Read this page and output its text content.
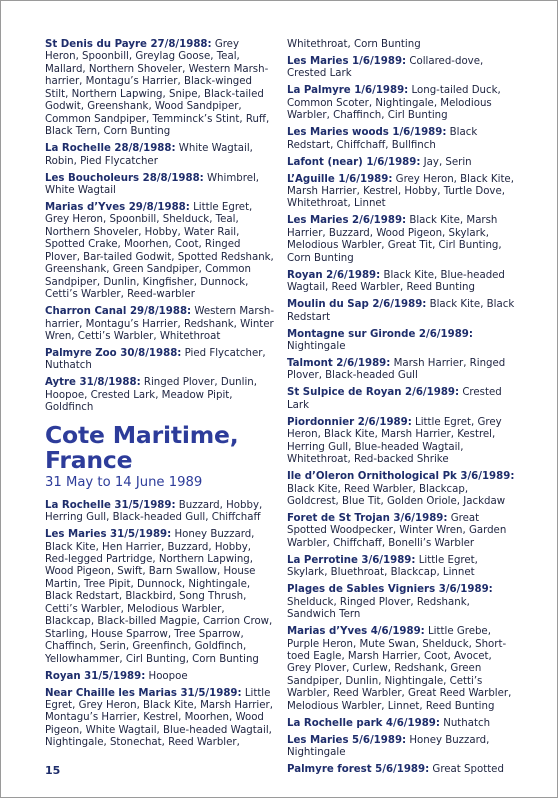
St Denis du Payre 27/8/1988: Grey Heron, Spoonbill, Greylag Goose, Teal, Mallard, Northern Shoveler, Western Marsh-harrier, Montagu’s Harrier, Black-winged Stilt, Northern Lapwing, Snipe, Black-tailed Godwit, Greenshank, Wood Sandpiper, Common Sandpiper, Temminck’s Stint, Ruff, Black Tern, Corn Bunting

La Rochelle 28/8/1988: White Wagtail, Robin, Pied Flycatcher

Les Boucholeurs 28/8/1988: Whimbrel, White Wagtail

Marias d’Yves 29/8/1988: Little Egret, Grey Heron, Spoonbill, Shelduck, Teal, Northern Shoveler, Hobby, Water Rail, Spotted Crake, Moorhen, Coot, Ringed Plover, Bar-tailed Godwit, Spotted Redshank, Greenshank, Green Sandpiper, Common Sandpiper, Dunlin, Kingfisher, Dunnock, Cetti’s Warbler, Reed-warbler

Charron Canal 29/8/1988: Western Marsh-harrier, Montagu’s Harrier, Redshank, Winter Wren, Cetti’s Warbler, Whitethroat

Palmyre Zoo 30/8/1988: Pied Flycatcher, Nuthatch

Aytre 31/8/1988: Ringed Plover, Dunlin, Hoopoe, Crested Lark, Meadow Pipit, Goldfinch

Cote Maritime,
France
31 May to 14 June 1989

La Rochelle 31/5/1989: Buzzard, Hobby, Herring Gull, Black-headed Gull, Chiffchaff

Les Maries 31/5/1989: Honey Buzzard, Black Kite, Hen Harrier, Buzzard, Hobby, Red-legged Partridge, Northern Lapwing, Wood Pigeon, Swift, Barn Swallow, House Martin, Tree Pipit, Dunnock, Nightingale, Black Redstart, Blackbird, Song Thrush, Cetti’s Warbler, Melodious Warbler, Blackcap, Black-billed Magpie, Carrion Crow, Starling, House Sparrow, Tree Sparrow, Chaffinch, Serin, Greenfinch, Goldfinch, Yellowhammer, Cirl Bunting, Corn Bunting

Royan 31/5/1989: Hoopoe

Near Chaille les Marias 31/5/1989: Little Egret, Grey Heron, Black Kite, Marsh Harrier, Montagu’s Harrier, Kestrel, Moorhen, Wood Pigeon, White Wagtail, Blue-headed Wagtail, Nightingale, Stonechat, Reed Warbler,

Whitethroat, Corn Bunting

Les Maries 1/6/1989: Collared-dove, Crested Lark

La Palmyre 1/6/1989: Long-tailed Duck, Common Scoter, Nightingale, Melodious Warbler, Chaffinch, Cirl Bunting

Les Maries woods 1/6/1989: Black Redstart, Chiffchaff, Bullfinch

Lafont (near) 1/6/1989: Jay, Serin

L’Aguille 1/6/1989: Grey Heron, Black Kite, Marsh Harrier, Kestrel, Hobby, Turtle Dove, Whitethroat, Linnet

Les Maries 2/6/1989: Black Kite, Marsh Harrier, Buzzard, Wood Pigeon, Skylark, Melodious Warbler, Great Tit, Cirl Bunting, Corn Bunting

Royan 2/6/1989: Black Kite, Blue-headed Wagtail, Reed Warbler, Reed Bunting

Moulin du Sap 2/6/1989: Black Kite, Black Redstart

Montagne sur Gironde 2/6/1989: Nightingale

Talmont 2/6/1989: Marsh Harrier, Ringed Plover, Black-headed Gull

St Sulpice de Royan 2/6/1989: Crested Lark

Piordonnier 2/6/1989: Little Egret, Grey Heron, Black Kite, Marsh Harrier, Kestrel, Herring Gull, Blue-headed Wagtail, Whitethroat, Red-backed Shrike

Ile d’Oleron Ornithological Pk 3/6/1989: Black Kite, Reed Warbler, Blackcap, Goldcrest, Blue Tit, Golden Oriole, Jackdaw

Foret de St Trojan 3/6/1989: Great Spotted Woodpecker, Winter Wren, Garden Warbler, Chiffchaff, Bonelli’s Warbler

La Perrotine 3/6/1989: Little Egret, Skylark, Bluethroat, Blackcap, Linnet

Plages de Sables Vigniers 3/6/1989: Shelduck, Ringed Plover, Redshank, Sandwich Tern

Marias d’Yves 4/6/1989: Little Grebe, Purple Heron, Mute Swan, Shelduck, Short-toed Eagle, Marsh Harrier, Coot, Avocet, Grey Plover, Curlew, Redshank, Green Sandpiper, Dunlin, Nightingale, Cetti’s Warbler, Reed Warbler, Great Reed Warbler, Melodious Warbler, Linnet, Reed Bunting

La Rochelle park 4/6/1989: Nuthatch

Les Maries 5/6/1989: Honey Buzzard, Nightingale

Palmyre forest 5/6/1989: Great Spotted

15
